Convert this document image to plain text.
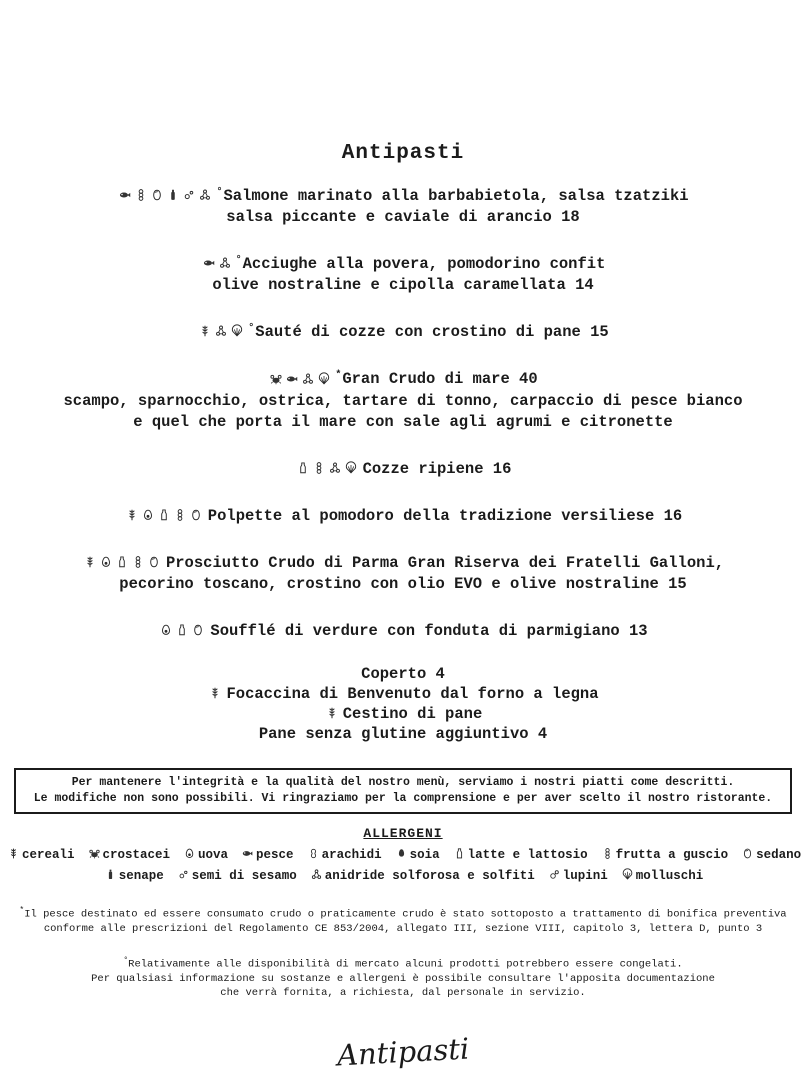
Antipasti
°Salmone marinato alla barbabietola, salsa tzatziki
salsa piccante e caviale di arancio 18
°Acciughe alla povera, pomodorino confit
olive nostraline e cipolla caramellata 14
°Sauté di cozze con crostino di pane 15
*Gran Crudo di mare 40
scampo, sparnocchio, ostrica, tartare di tonno, carpaccio di pesce bianco
e quel che porta il mare con sale agli agrumi e citronette
Cozze ripiene 16
Polpette al pomodoro della tradizione versiliese 16
Prosciutto Crudo di Parma Gran Riserva dei Fratelli Galloni,
pecorino toscano, crostino con olio EVO e olive nostraline 15
Soufflé di verdure con fonduta di parmigiano 13
Coperto 4
Focaccina di Benvenuto dal forno a legna
Cestino di pane
Pane senza glutine aggiuntivo 4
Per mantenere l'integrità e la qualità del nostro menù, serviamo i nostri piatti come descritti.
Le modifiche non sono possibili. Vi ringraziamo per la comprensione e per aver scelto il nostro ristorante.
ALLERGENI
cereali crostacei uova pesce arachidi soia latte e lattosio frutta a guscio sedano
senape semi di sesamo anidride solforosa e solfiti lupini molluschi
*Il pesce destinato ed essere consumato crudo o praticamente crudo è stato sottoposto a trattamento di bonifica preventiva
conforme alle prescrizioni del Regolamento CE 853/2004, allegato III, sezione VIII, capitolo 3, lettera D, punto 3
°Relativamente alle disponibilità di mercato alcuni prodotti potrebbero essere congelati.
Per qualsiasi informazione su sostanze e allergeni è possibile consultare l'apposita documentazione
che verrà fornita, a richiesta, dal personale in servizio.
Antipasti
